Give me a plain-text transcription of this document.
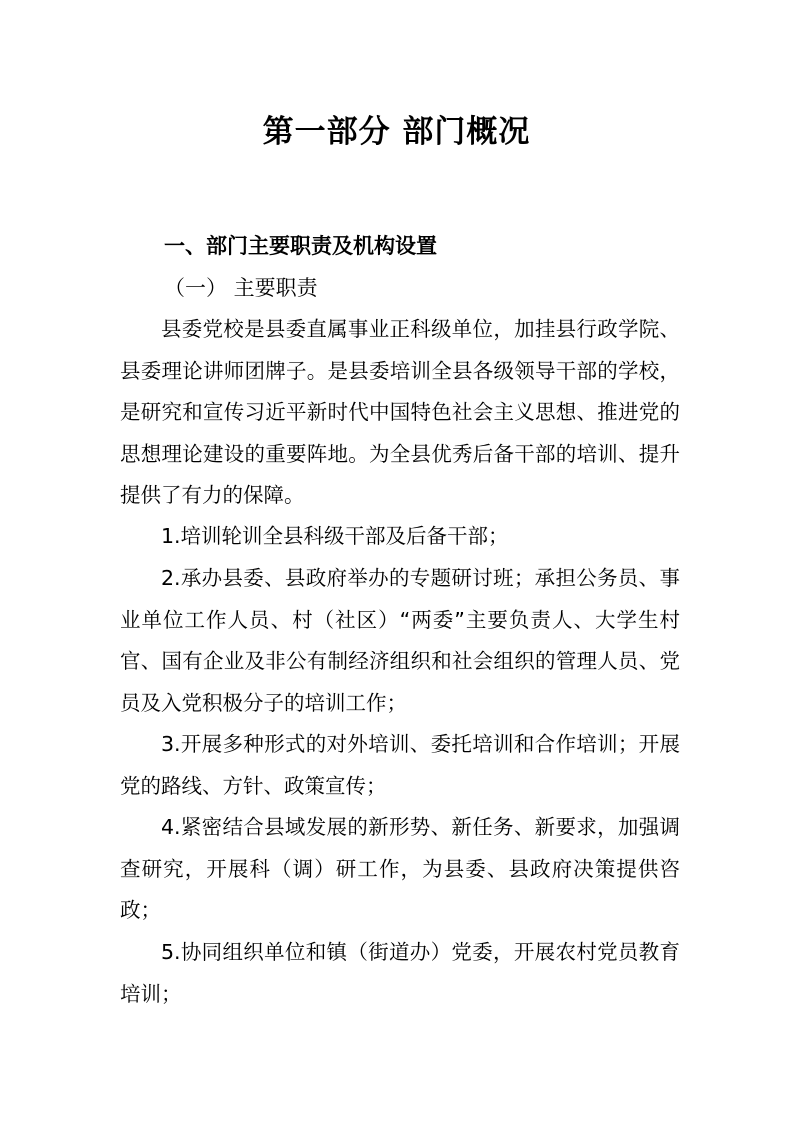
第一部分 部门概况
一、部门主要职责及机构设置
（一） 主要职责

县委党校是县委直属事业正科级单位，加挂县行政学院、县委理论讲师团牌子。是县委培训全县各级领导干部的学校，是研究和宣传习近平新时代中国特色社会主义思想、推进党的思想理论建设的重要阵地。为全县优秀后备干部的培训、提升提供了有力的保障。

1.培训轮训全县科级干部及后备干部；

2.承办县委、县政府举办的专题研讨班；承担公务员、事业单位工作人员、村（社区）“两委”主要负责人、大学生村官、国有企业及非公有制经济组织和社会组织的管理人员、党员及入党积极分子的培训工作；

3.开展多种形式的对外培训、委托培训和合作培训；开展党的路线、方针、政策宣传；

4.紧密结合县域发展的新形势、新任务、新要求，加强调查研究，开展科（调）研工作，为县委、县政府决策提供咨政；

5.协同组织单位和镇（街道办）党委，开展农村党员教育培训；
